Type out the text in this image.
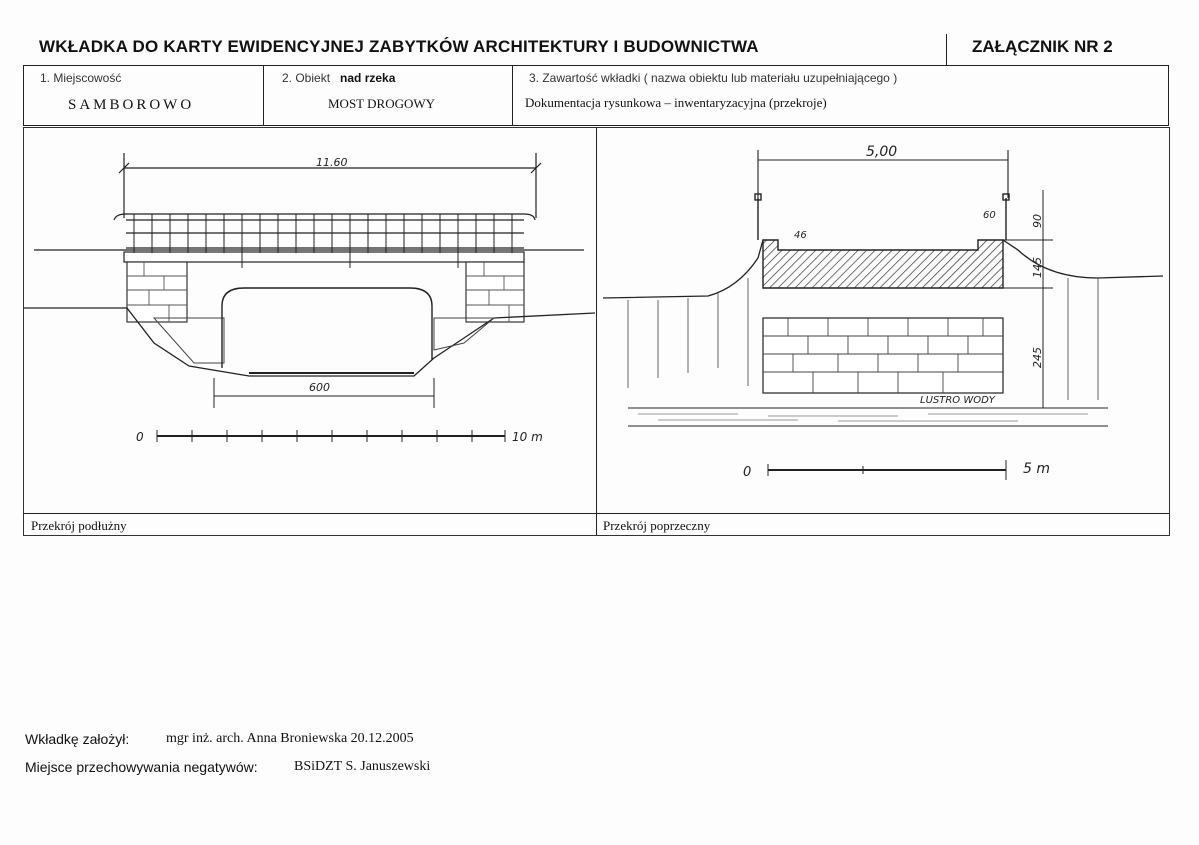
WKŁADKA DO KARTY EWIDENCYJNEJ ZABYTKÓW ARCHITEKTURY I BUDOWNICTWA	ZAŁĄCZNIK NR 2
1. Miejscowość
SAMBOROWO
2. Obiekt nad rzeka
MOST DROGOWY
3. Zawartość wkładki ( nazwa obiektu lub materiału uzupełniającego )
Dokumentacja rysunkowa – inwentaryzacyjna (przekroje)
600
11.60
0	10 m
5,00
60
46
90
145
245
LUSTRO WODY
0	5 m
Przekrój podłużny	Przekrój poprzeczny
Wkładkę założył:	mgr inż. arch. Anna Broniewska 20.12.2005
Miejsce przechowywania negatywów:	BSiDZT S. Januszewski
